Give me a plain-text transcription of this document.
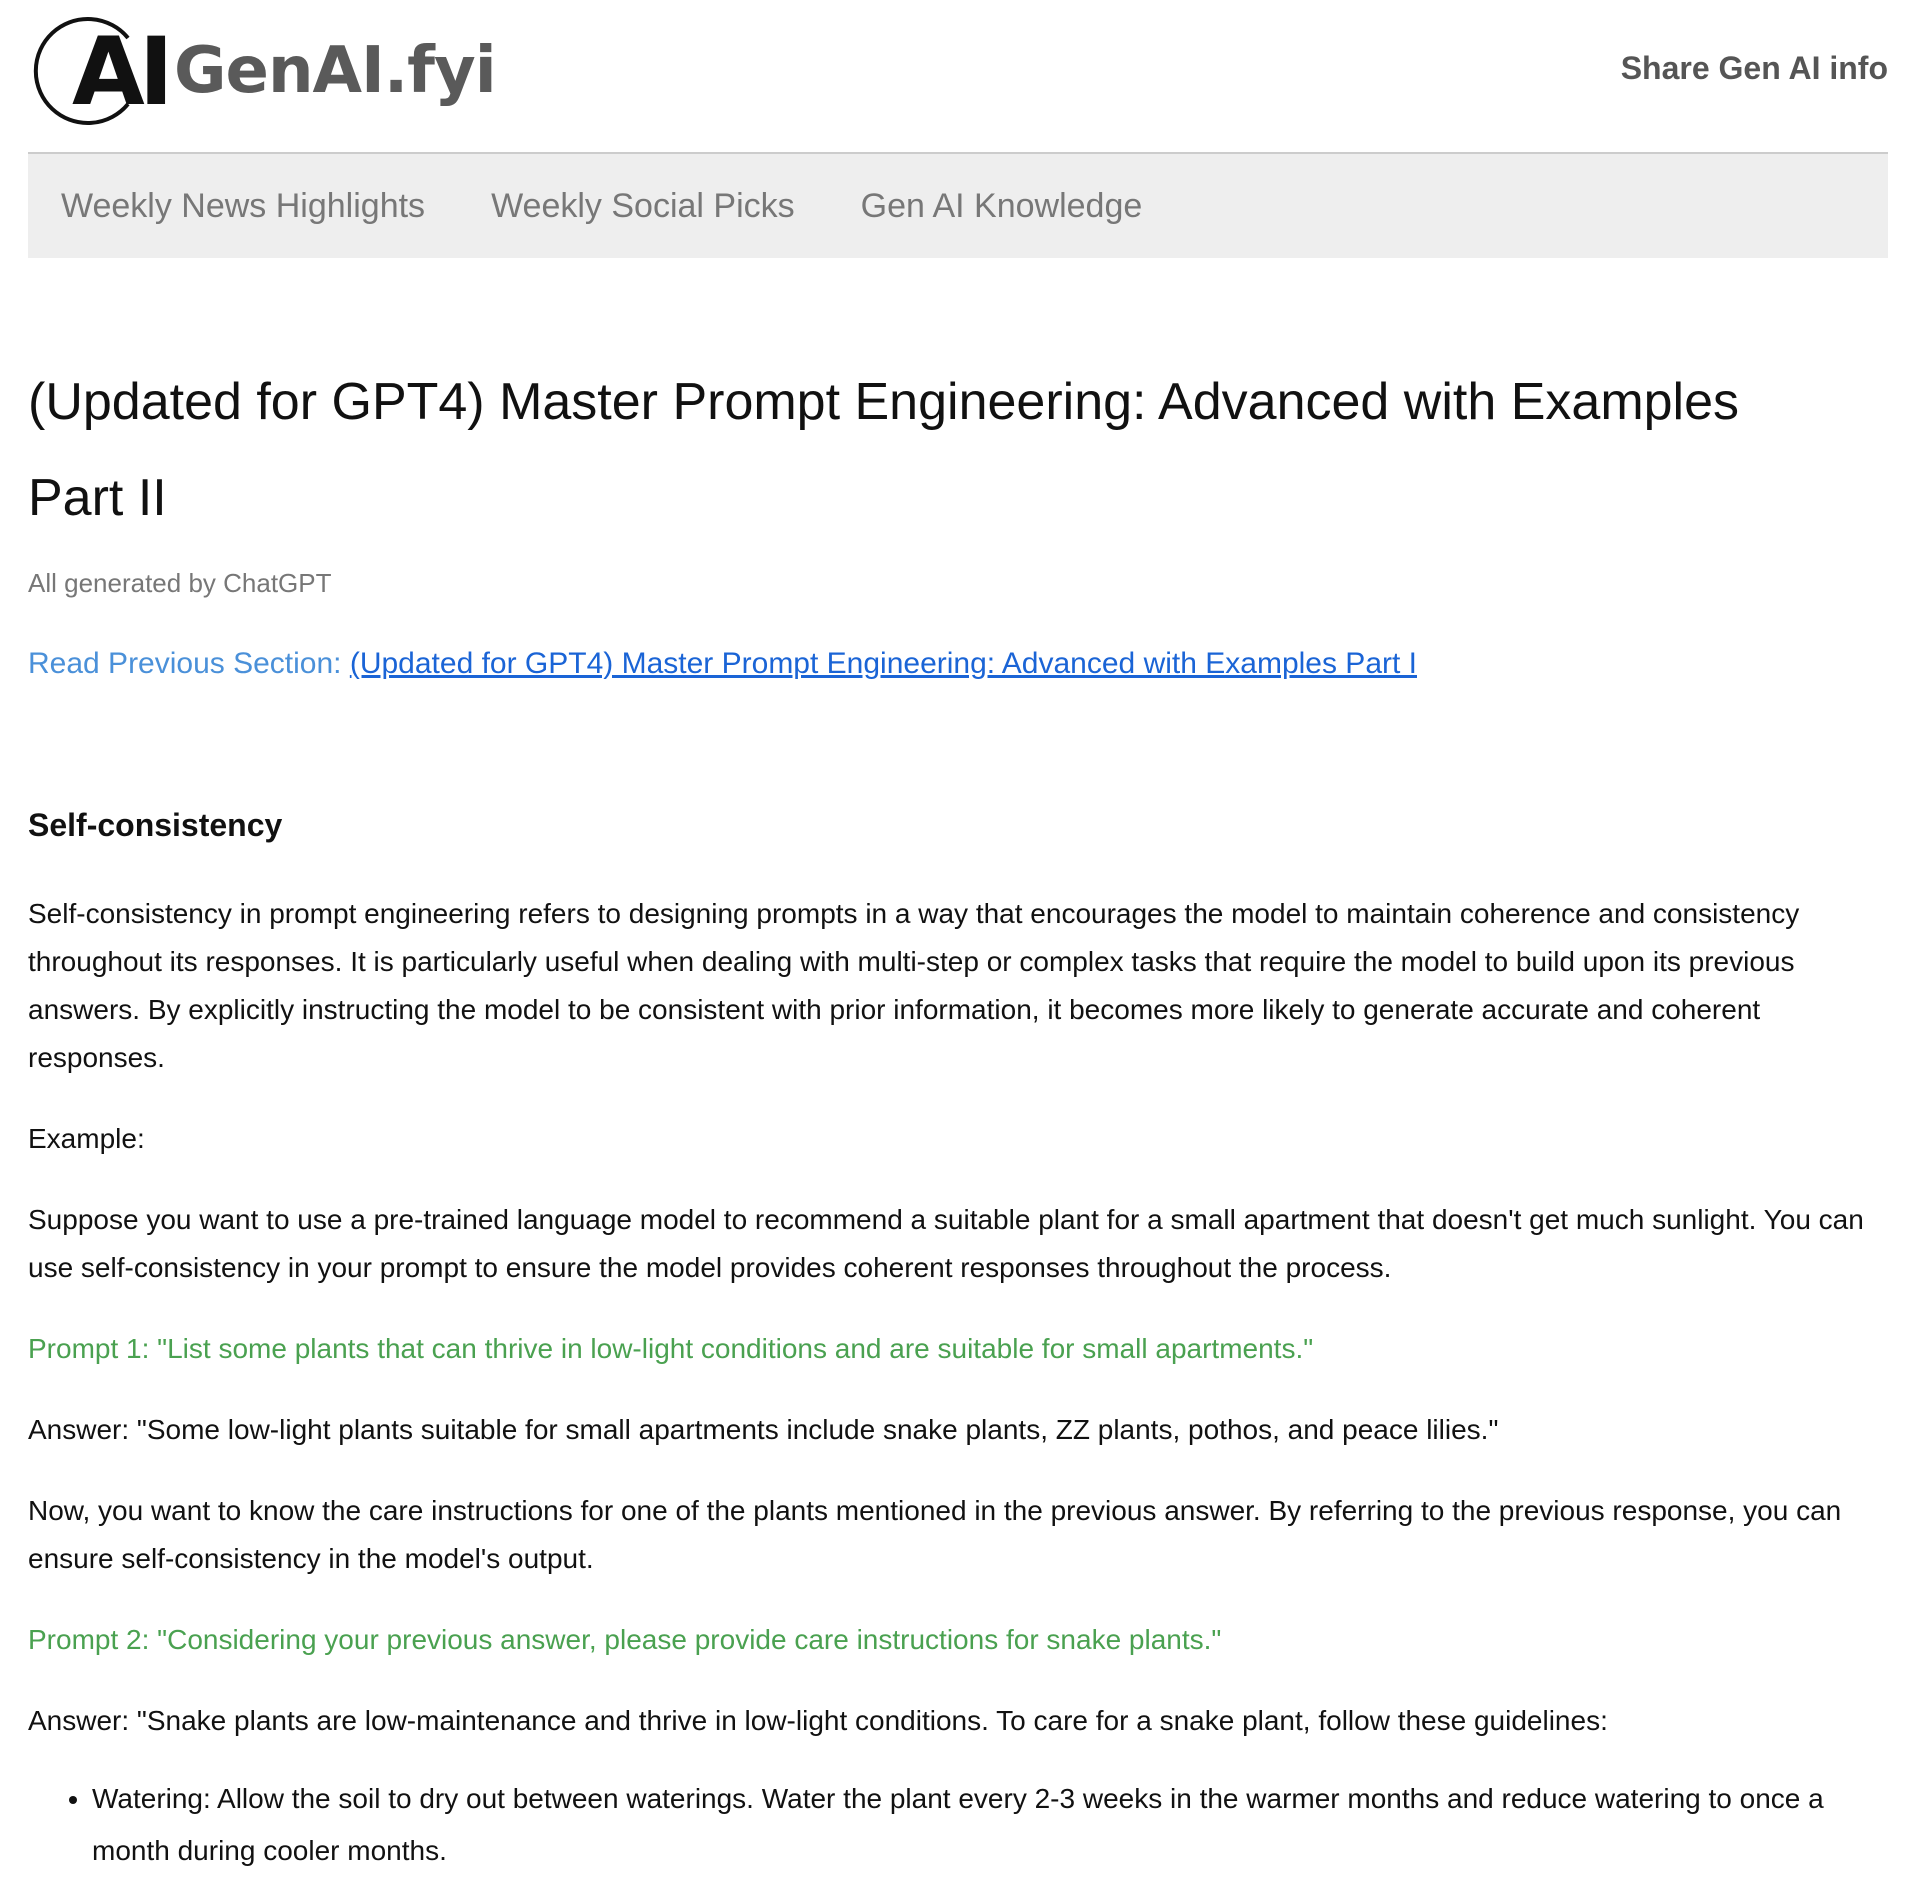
AI GenAI.fyi	Share Gen AI info
Weekly News Highlights Weekly Social Picks Gen AI Knowledge
(Updated for GPT4) Master Prompt Engineering: Advanced with Examples Part II
All generated by ChatGPT
Read Previous Section: (Updated for GPT4) Master Prompt Engineering: Advanced with Examples Part I
Self-consistency

Self-consistency in prompt engineering refers to designing prompts in a way that encourages the model to maintain coherence and consistency throughout its responses. It is particularly useful when dealing with multi-step or complex tasks that require the model to build upon its previous answers. By explicitly instructing the model to be consistent with prior information, it becomes more likely to generate accurate and coherent responses.

Example:

Suppose you want to use a pre-trained language model to recommend a suitable plant for a small apartment that doesn't get much sunlight. You can use self-consistency in your prompt to ensure the model provides coherent responses throughout the process.

Prompt 1: "List some plants that can thrive in low-light conditions and are suitable for small apartments."

Answer: "Some low-light plants suitable for small apartments include snake plants, ZZ plants, pothos, and peace lilies."

Now, you want to know the care instructions for one of the plants mentioned in the previous answer. By referring to the previous response, you can ensure self-consistency in the model's output.

Prompt 2: "Considering your previous answer, please provide care instructions for snake plants."

Answer: "Snake plants are low-maintenance and thrive in low-light conditions. To care for a snake plant, follow these guidelines:

• Watering: Allow the soil to dry out between waterings. Water the plant every 2-3 weeks in the warmer months and reduce watering to once a month during cooler months.
